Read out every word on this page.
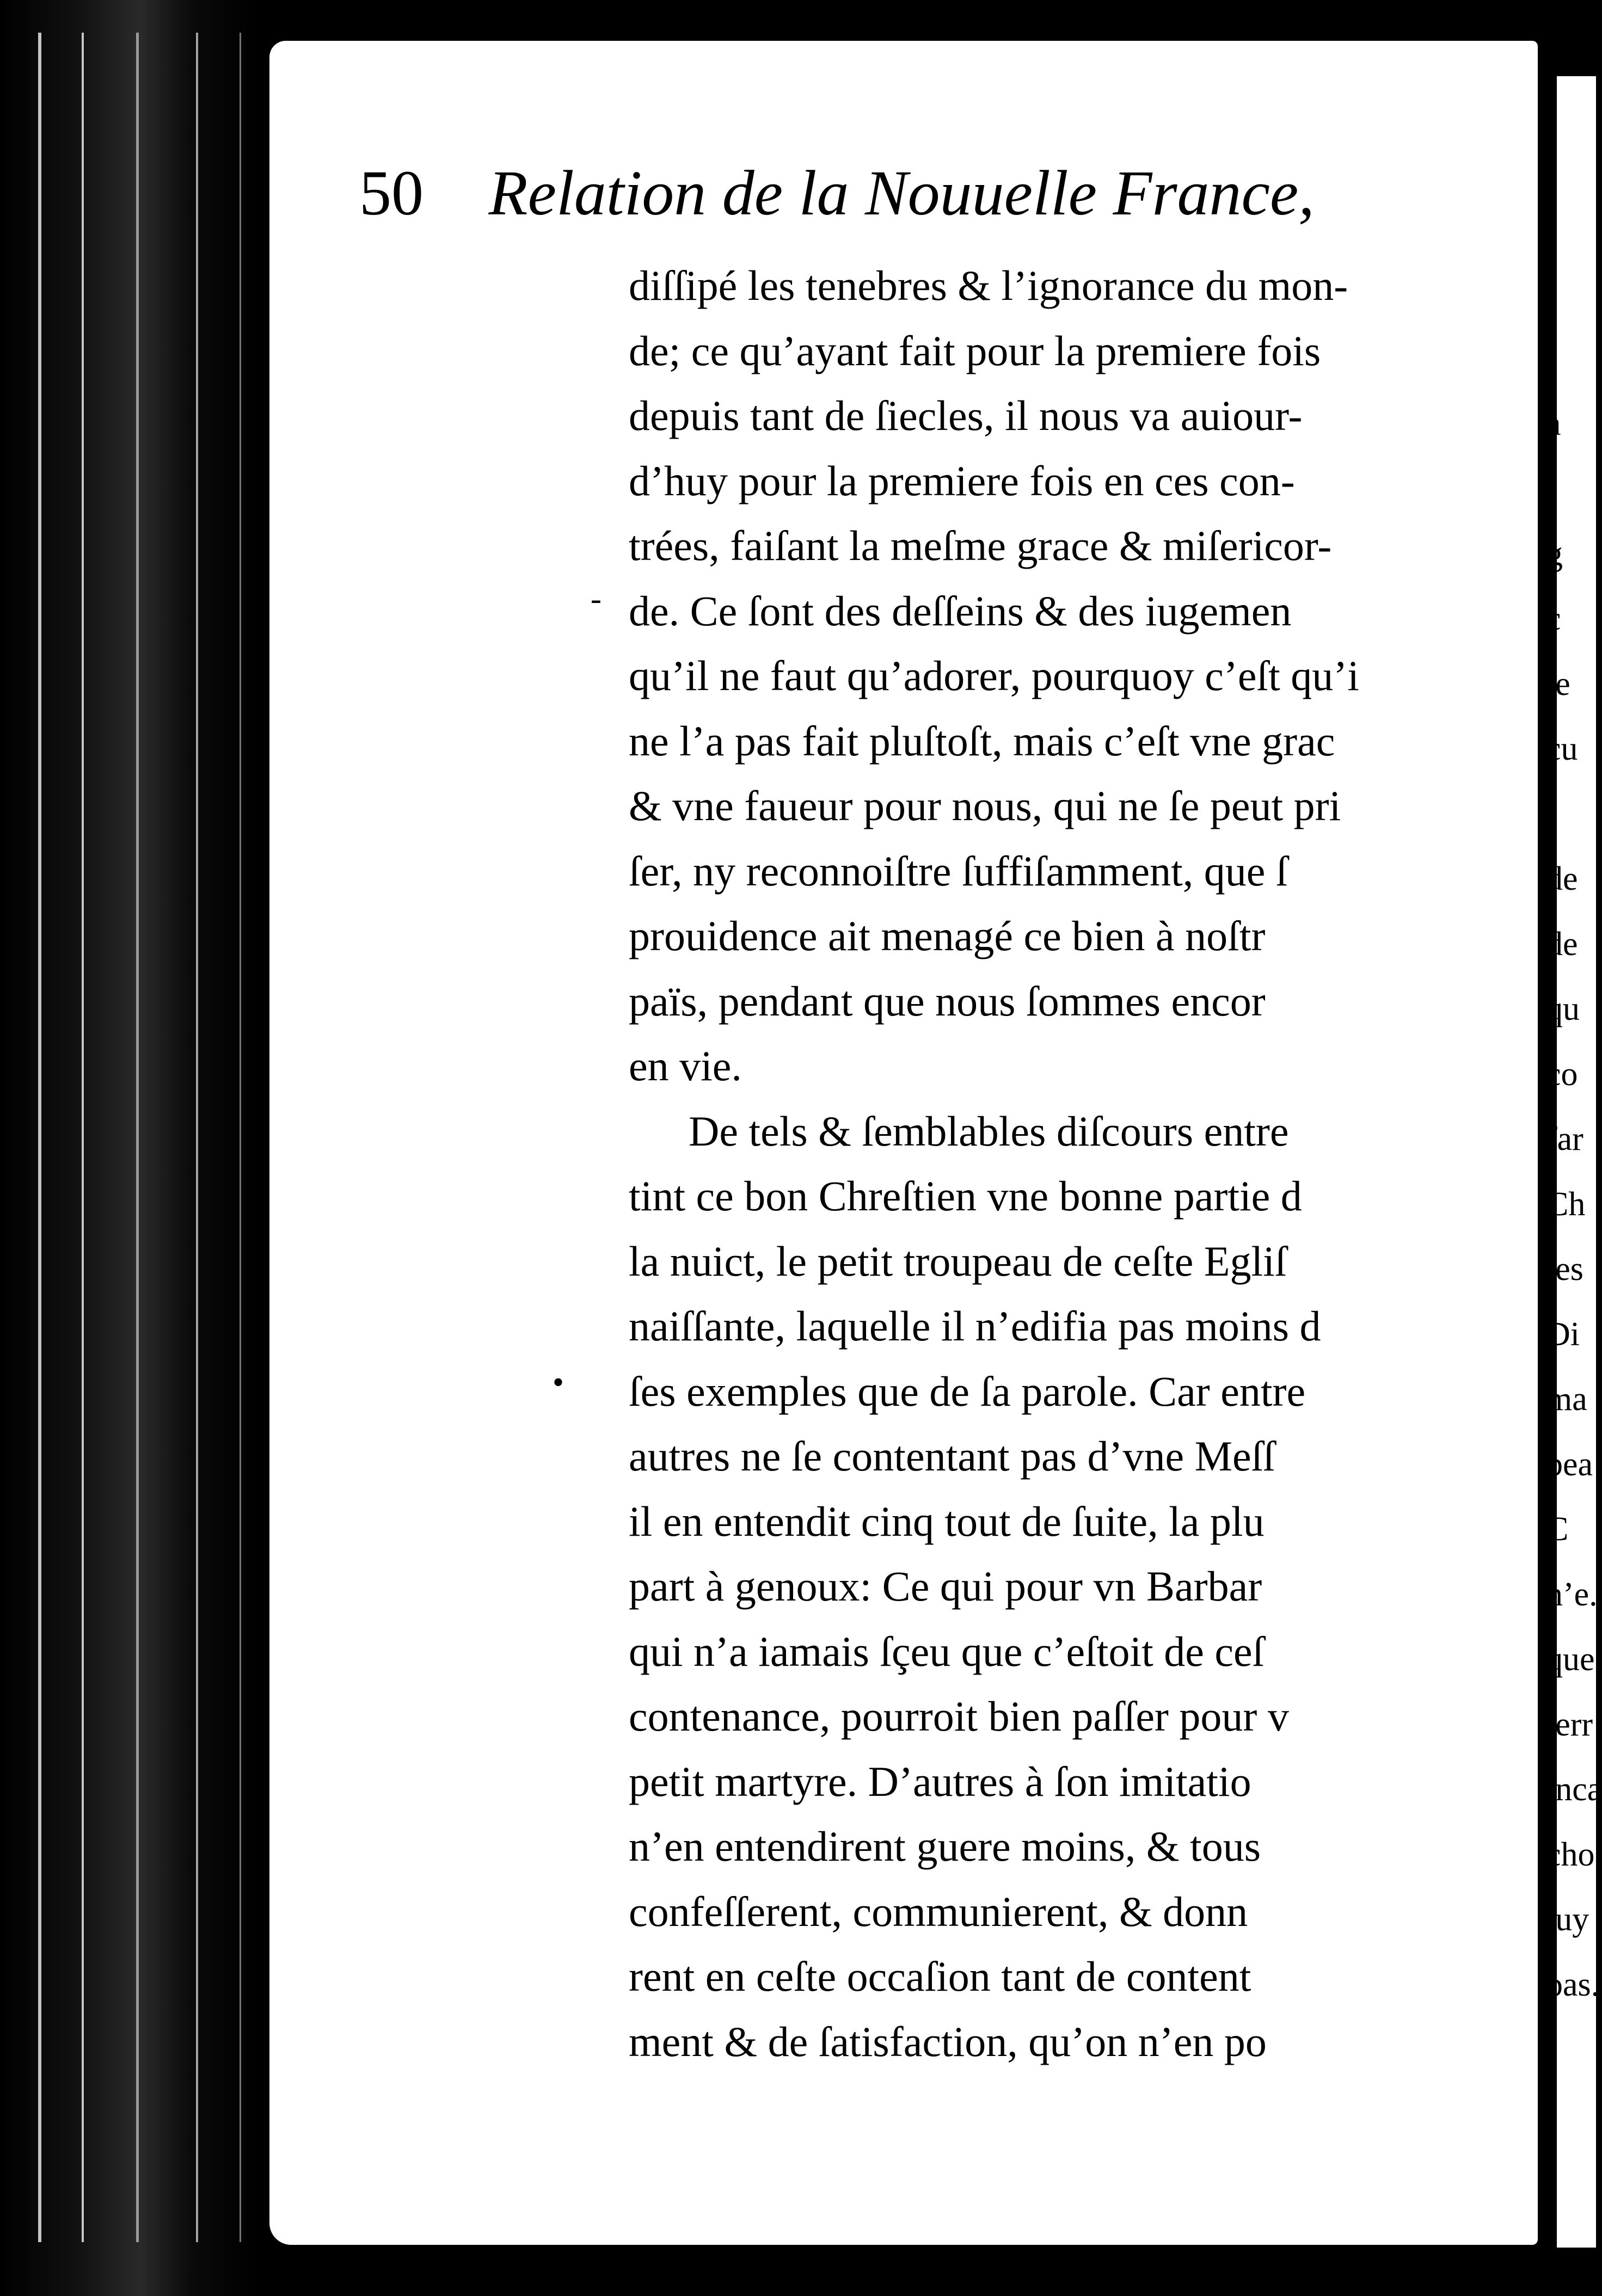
50 Relation de la Nouuelle France,
diſſipé les tenebres & l’ignorance du mon-
de; ce qu’ayant fait pour la premiere fois
depuis tant de ſiecles, il nous va auiour-
d’huy pour la premiere fois en ces con-
trées, faiſant la meſme grace & miſericor-
de. Ce ſont des deſſeins & des iugemen
qu’il ne faut qu’adorer, pourquoy c’eſt qu’i
ne l’a pas fait pluſtoſt, mais c’eſt vne grac
& vne faueur pour nous, qui ne ſe peut pri
ſer, ny reconnoiſtre ſuffiſamment, que ſ
prouidence ait menagé ce bien à noſtr
païs, pendant que nous ſommes encor
en vie.
De tels & ſemblables diſcours entre
tint ce bon Chreſtien vne bonne partie d
la nuict, le petit troupeau de ceſte Egliſ
naiſſante, laquelle il n’edifia pas moins d
ſes exemples que de ſa parole. Car entre
autres ne ſe contentant pas d’vne Meſſ
il en entendit cinq tout de ſuite, la plu
part à genoux: Ce qui pour vn Barbar
qui n’a iamais ſçeu que c’eſtoit de ceſ
contenance, pourroit bien paſſer pour v
petit martyre. D’autres à ſon imitatio
n’en entendirent guere moins, & tous
confeſſerent, communierent, & donn
rent en ceſte occaſion tant de content
ment & de ſatisfaction, qu’on n’en po
t
a
t
g
c
te
cu
de
de
qu
co
far
Ch
les
Di
ma
bea
C
n’e.
que
terr
inca
cho
luy
pas.
-
•
